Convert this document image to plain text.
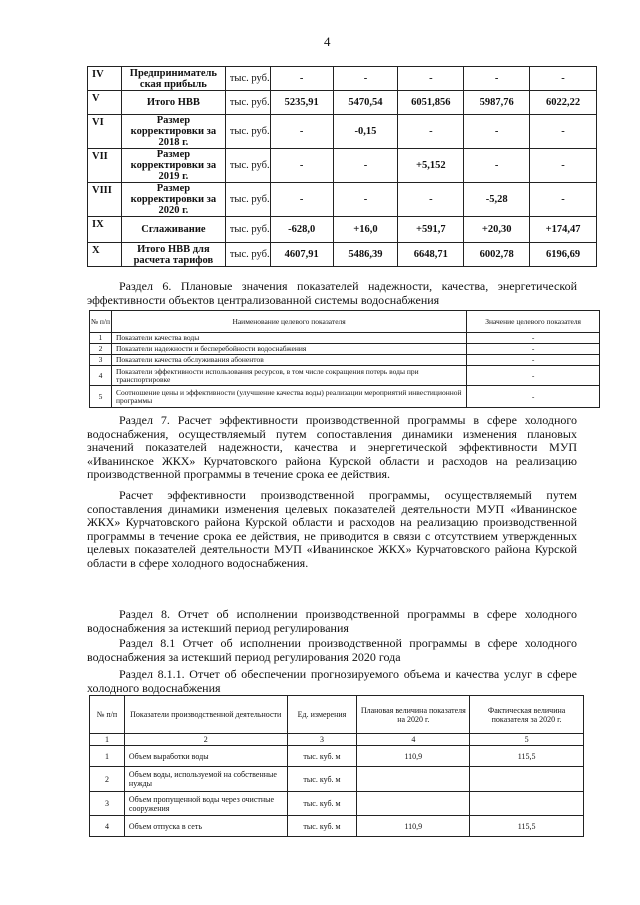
4
IV	Предприниматель ская прибыль	тыс. руб.	-	-	-	-	-
V	Итого НВВ	тыс. руб.	5235,91	5470,54	6051,856	5987,76	6022,22
VI	Размер корректировки за 2018 г.	тыс. руб.	-	-0,15	-	-	-
VII	Размер корректировки за 2019 г.	тыс. руб.	-	-	+5,152	-	-
VIII	Размер корректировки за 2020 г.	тыс. руб.	-	-	-	-5,28	-
IX	Сглаживание	тыс. руб.	-628,0	+16,0	+591,7	+20,30	+174,47
X	Итого НВВ для расчета тарифов	тыс. руб.	4607,91	5486,39	6648,71	6002,78	6196,69
Раздел 6. Плановые значения показателей надежности, качества, энергетической эффективности объектов централизованной системы водоснабжения
№ п/п	Наименование целевого показателя	Значение целевого показателя
1	Показатели качества воды	-
2	Показатели надежности и бесперебойности водоснабжения	-
3	Показатели качества обслуживания абонентов	-
4	Показатели эффективности использования ресурсов, в том числе сокращения потерь воды при транспортировке	-
5	Соотношение цены и эффективности (улучшение качества воды) реализации мероприятий инвестиционной программы	-
Раздел 7. Расчет эффективности производственной программы в сфере холодного водоснабжения, осуществляемый путем сопоставления динамики изменения плановых значений показателей надежности, качества и энергетической эффективности МУП «Иванинское ЖКХ» Курчатовского района Курской области и расходов на реализацию производственной программы в течение срока ее действия.
Расчет эффективности производственной программы, осуществляемый путем сопоставления динамики изменения целевых показателей деятельности МУП «Иванинское ЖКХ» Курчатовского района Курской области и расходов на реализацию производственной программы в течение срока ее действия, не приводится в связи с отсутствием утвержденных целевых показателей деятельности МУП «Иванинское ЖКХ» Курчатовского района Курской области в сфере холодного водоснабжения.
Раздел 8. Отчет об исполнении производственной программы в сфере холодного водоснабжения за истекший период регулирования
Раздел 8.1 Отчет об исполнении производственной программы в сфере холодного водоснабжения за истекший период регулирования 2020 года
Раздел 8.1.1. Отчет об обеспечении прогнозируемого объема и качества услуг в сфере холодного водоснабжения
№ п/п	Показатели производственной деятельности	Ед. измерения	Плановая величина показателя на 2020 г.	Фактическая величина показателя за 2020 г.
1	2	3	4	5
1	Объем выработки воды	тыс. куб. м	110,9	115,5
2	Объем воды, используемой на собственные нужды	тыс. куб. м		
3	Объем пропущенной воды через очистные сооружения	тыс. куб. м		
4	Объем отпуска в сеть	тыс. куб. м	110,9	115,5
